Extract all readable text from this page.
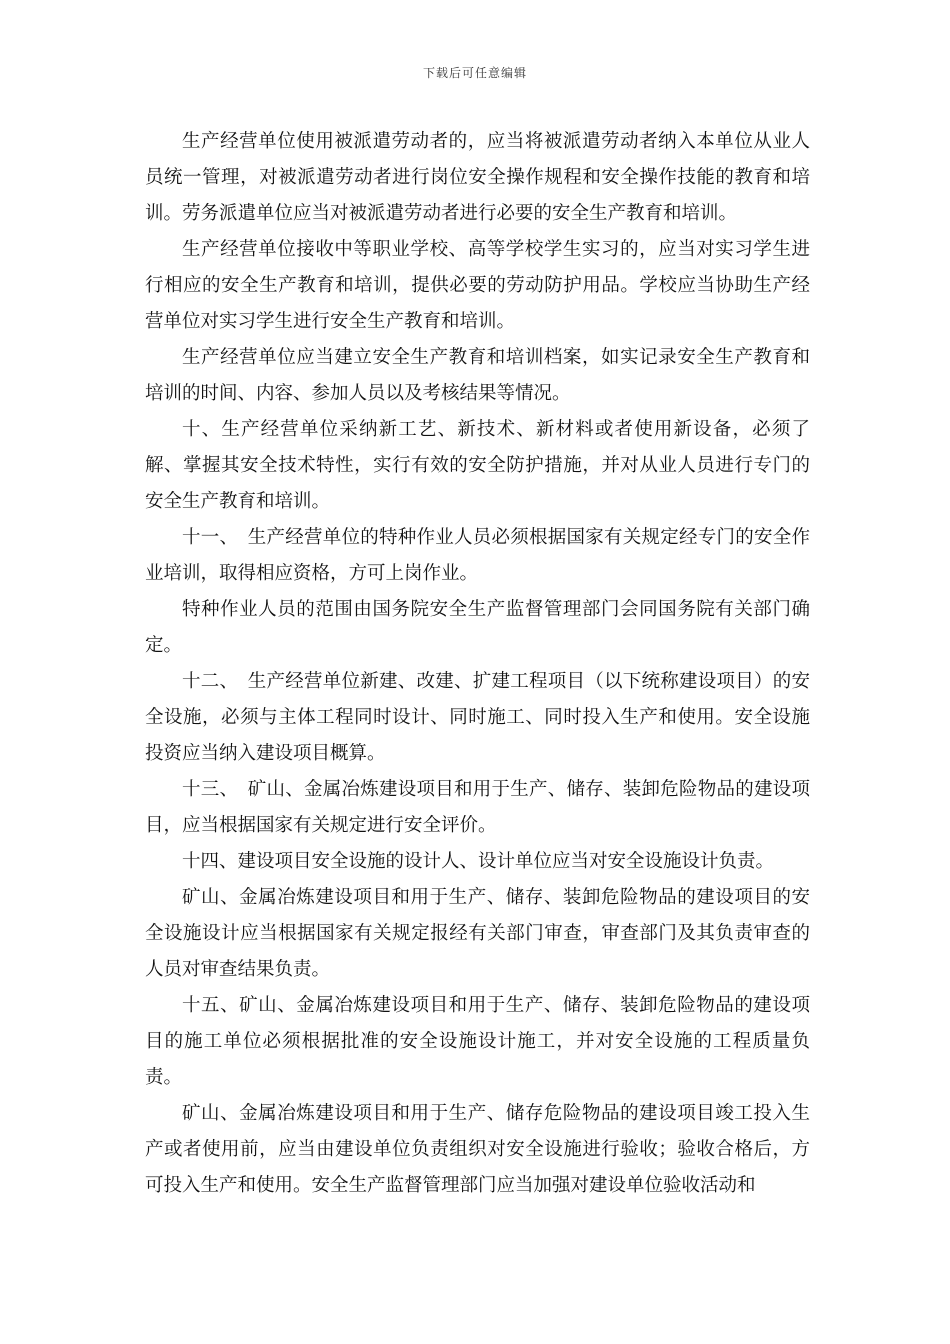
下载后可任意编辑

生产经营单位使用被派遣劳动者的，应当将被派遣劳动者纳入本单位从业人员统一管理，对被派遣劳动者进行岗位安全操作规程和安全操作技能的教育和培训。劳务派遣单位应当对被派遣劳动者进行必要的安全生产教育和培训。

生产经营单位接收中等职业学校、高等学校学生实习的，应当对实习学生进行相应的安全生产教育和培训，提供必要的劳动防护用品。学校应当协助生产经营单位对实习学生进行安全生产教育和培训。

生产经营单位应当建立安全生产教育和培训档案，如实记录安全生产教育和培训的时间、内容、参加人员以及考核结果等情况。

十、生产经营单位采纳新工艺、新技术、新材料或者使用新设备，必须了解、掌握其安全技术特性，实行有效的安全防护措施，并对从业人员进行专门的安全生产教育和培训。

十一、　生产经营单位的特种作业人员必须根据国家有关规定经专门的安全作业培训，取得相应资格，方可上岗作业。

特种作业人员的范围由国务院安全生产监督管理部门会同国务院有关部门确定。

十二、　生产经营单位新建、改建、扩建工程项目（以下统称建设项目）的安全设施，必须与主体工程同时设计、同时施工、同时投入生产和使用。安全设施投资应当纳入建设项目概算。

十三、　矿山、金属冶炼建设项目和用于生产、储存、装卸危险物品的建设项目，应当根据国家有关规定进行安全评价。

十四、建设项目安全设施的设计人、设计单位应当对安全设施设计负责。

矿山、金属冶炼建设项目和用于生产、储存、装卸危险物品的建设项目的安全设施设计应当根据国家有关规定报经有关部门审查，审查部门及其负责审查的人员对审查结果负责。

十五、矿山、金属冶炼建设项目和用于生产、储存、装卸危险物品的建设项目的施工单位必须根据批准的安全设施设计施工，并对安全设施的工程质量负责。

矿山、金属冶炼建设项目和用于生产、储存危险物品的建设项目竣工投入生产或者使用前，应当由建设单位负责组织对安全设施进行验收；验收合格后，方可投入生产和使用。安全生产监督管理部门应当加强对建设单位验收活动和
